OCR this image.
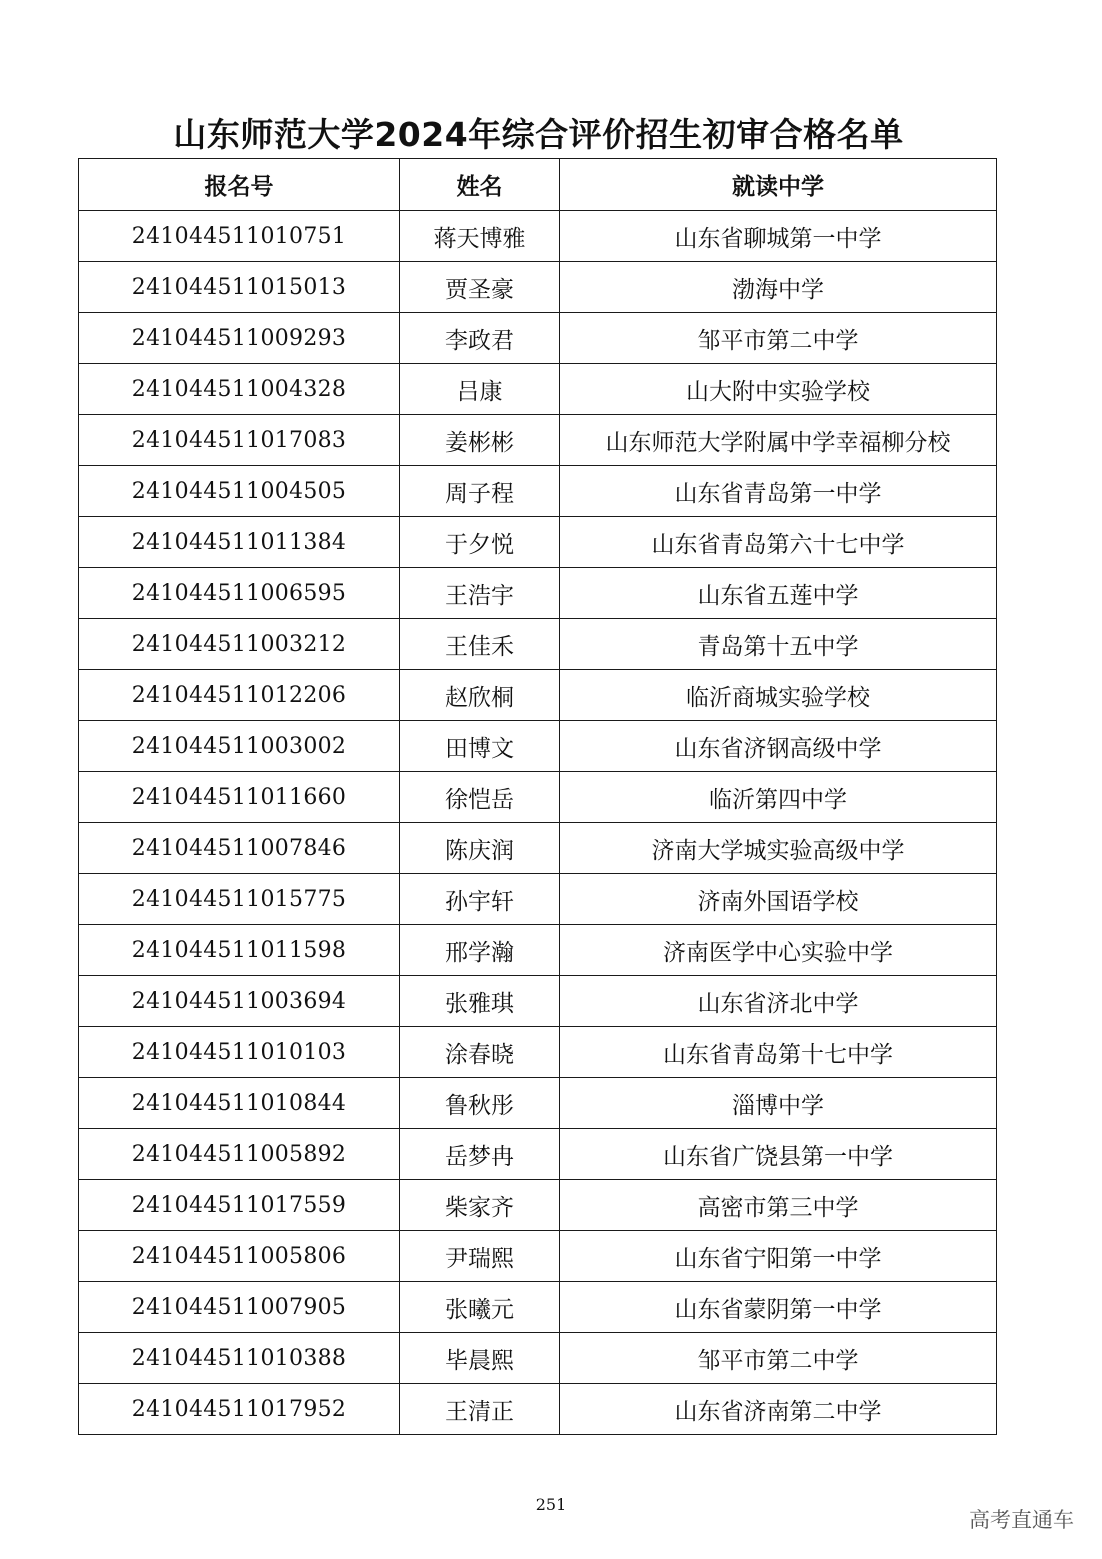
山东师范大学2024年综合评价招生初审合格名单
报名号	姓名	就读中学
241044511010751	蒋天博雅	山东省聊城第一中学
241044511015013	贾圣豪	渤海中学
241044511009293	李政君	邹平市第二中学
241044511004328	吕康	山大附中实验学校
241044511017083	姜彬彬	山东师范大学附属中学幸福柳分校
241044511004505	周子程	山东省青岛第一中学
241044511011384	于夕悦	山东省青岛第六十七中学
241044511006595	王浩宇	山东省五莲中学
241044511003212	王佳禾	青岛第十五中学
241044511012206	赵欣桐	临沂商城实验学校
241044511003002	田博文	山东省济钢高级中学
241044511011660	徐恺岳	临沂第四中学
241044511007846	陈庆润	济南大学城实验高级中学
241044511015775	孙宇轩	济南外国语学校
241044511011598	邢学瀚	济南医学中心实验中学
241044511003694	张雅琪	山东省济北中学
241044511010103	涂春晓	山东省青岛第十七中学
241044511010844	鲁秋彤	淄博中学
241044511005892	岳梦冉	山东省广饶县第一中学
241044511017559	柴家齐	高密市第三中学
241044511005806	尹瑞熙	山东省宁阳第一中学
241044511007905	张曦元	山东省蒙阴第一中学
241044511010388	毕晨熙	邹平市第二中学
241044511017952	王清正	山东省济南第二中学
251
高考直通车
